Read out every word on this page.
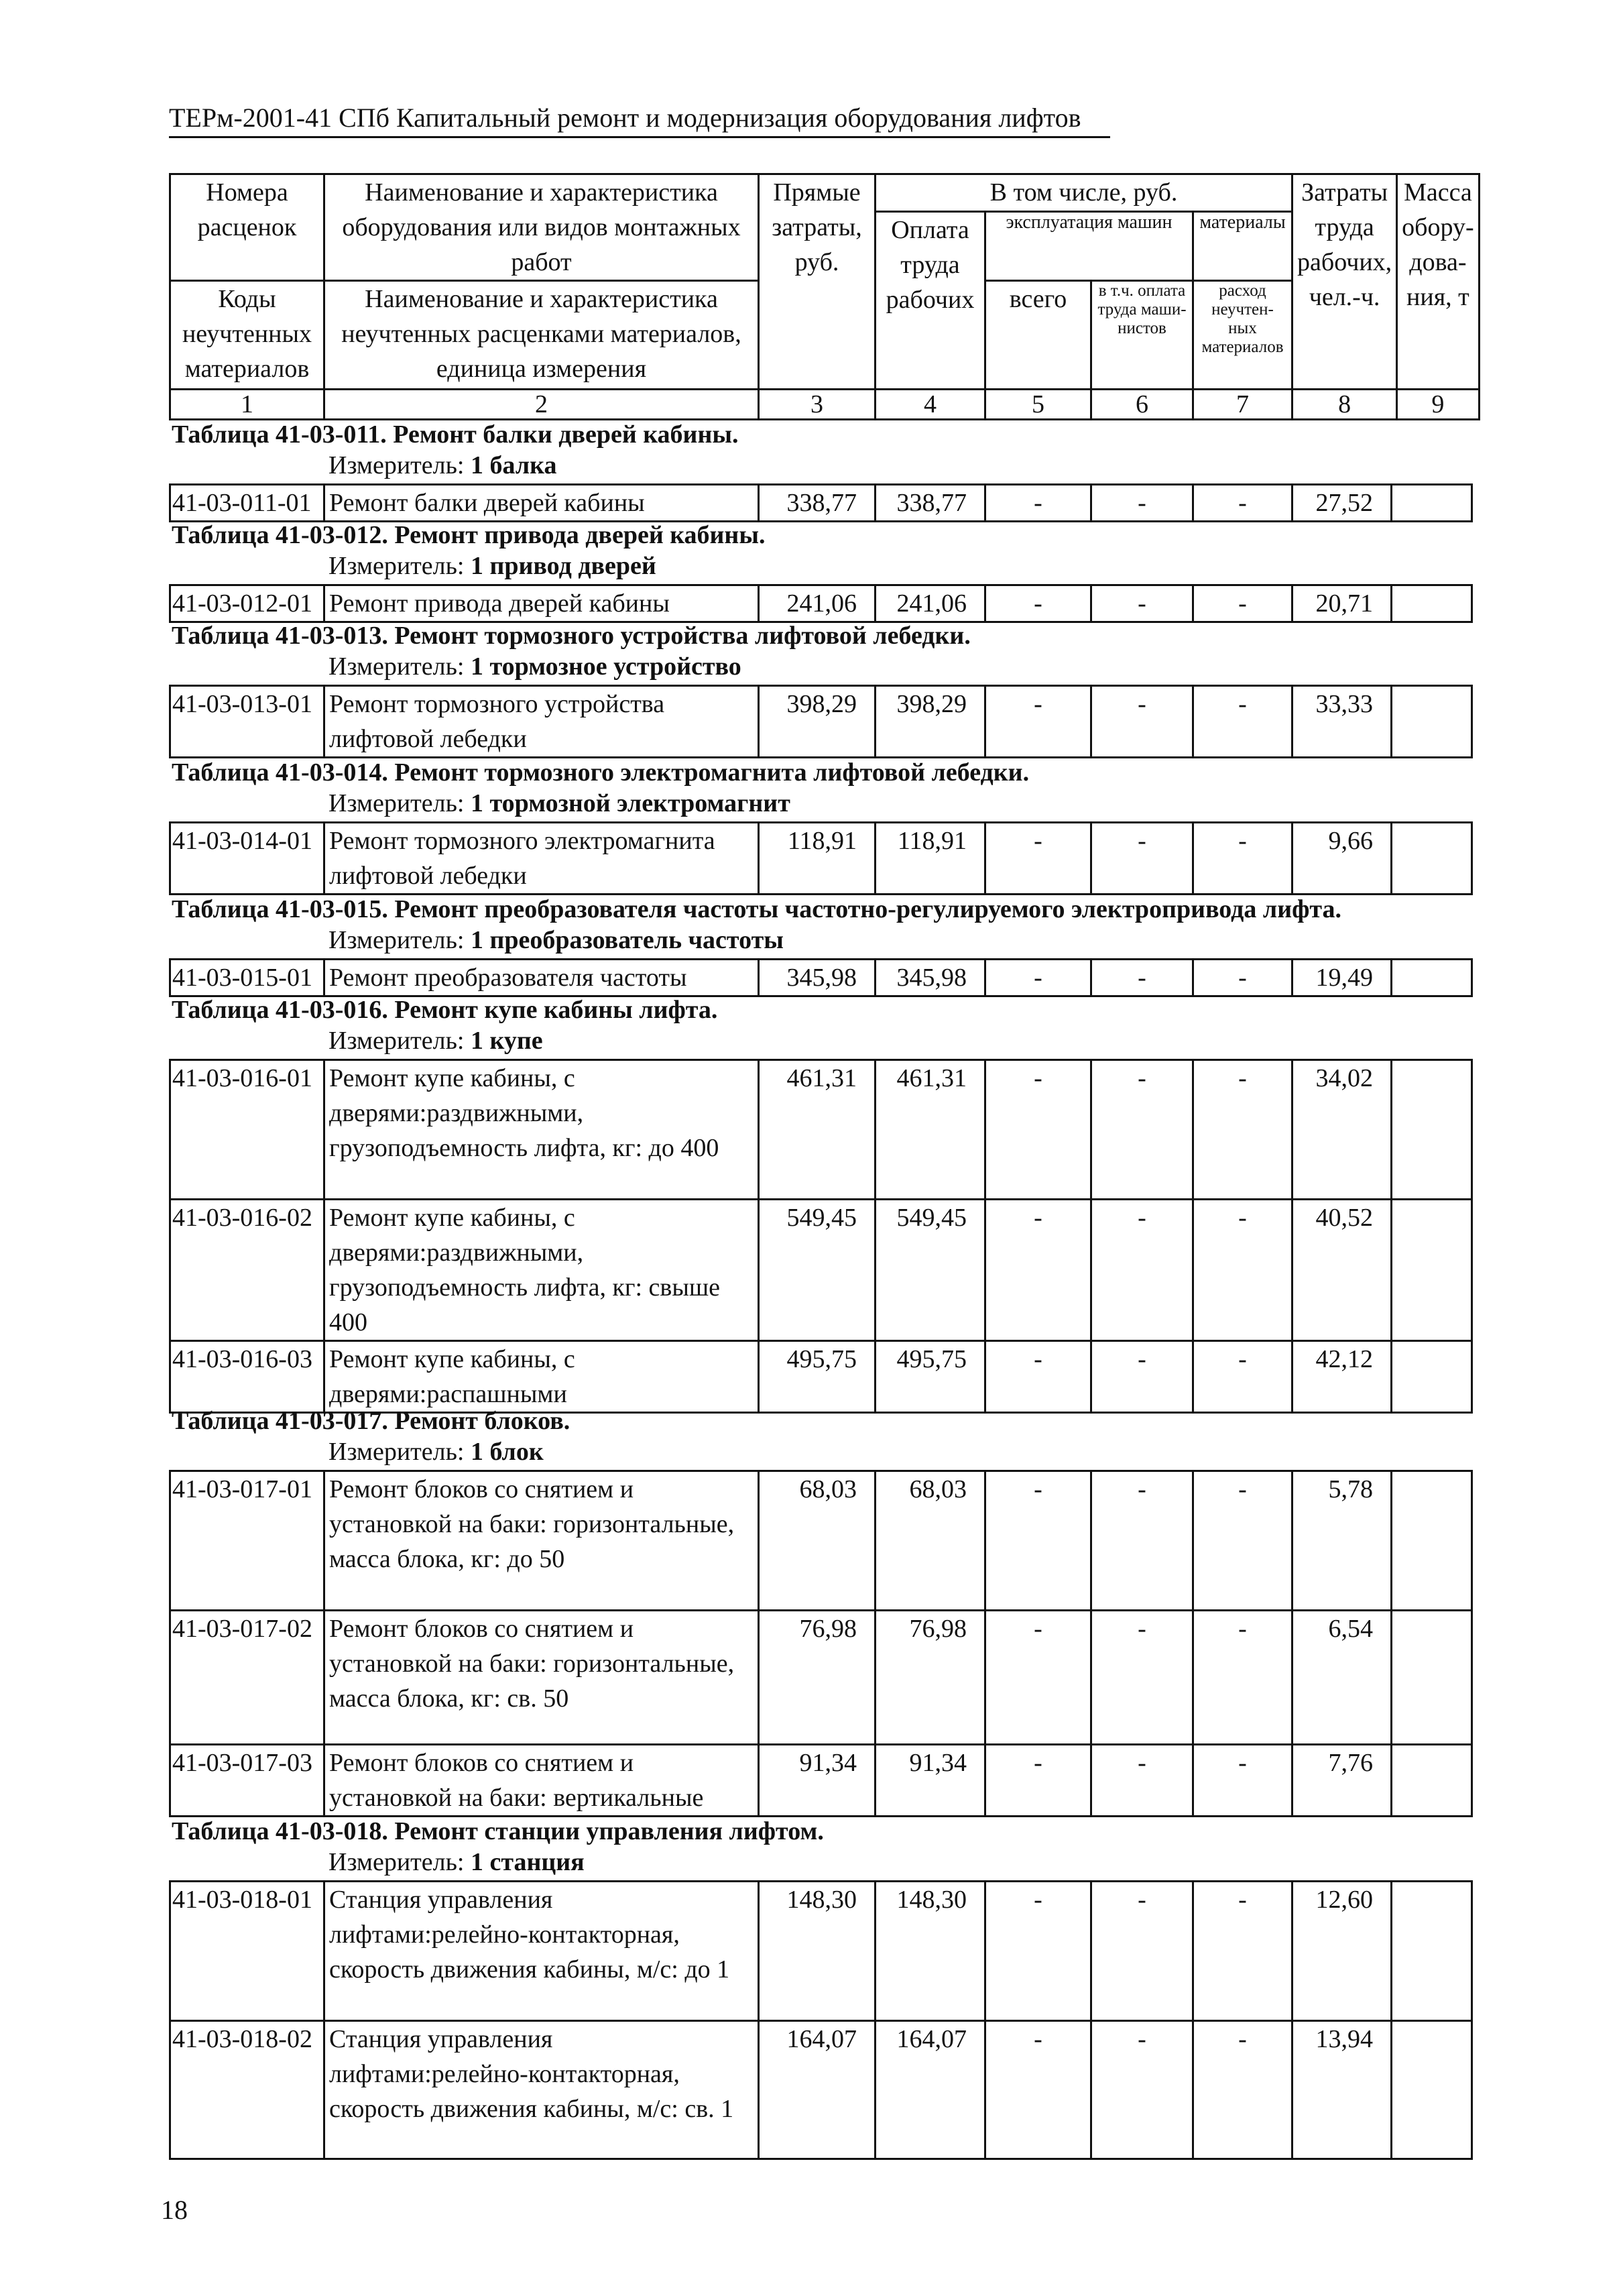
ТЕРм-2001-41 СПб Капитальный ремонт и модернизация оборудования лифтов
Номера расценок	Наименование и характеристика оборудования или видов монтажных работ	Прямые затраты, руб.	В том числе, руб.				Затраты труда рабочих, чел.-ч.	Масса обору-дова-ния, т
			Оплата труда рабочих	эксплуатация машин		материалы		
Коды неучтенных материалов	Наименование и характеристика неучтенных расценками материалов, единица измерения			всего	в т.ч. оплата труда маши-нистов	расход неучтен-ных материалов		

1	2	3	4	5	6	7	8	9
Таблица 41-03-011. Ремонт балки дверей кабины.
Измеритель: 1 балка
41-03-011-01	Ремонт балки дверей кабины	338,77	338,77	-	-	-	27,52	
Таблица 41-03-012. Ремонт привода дверей кабины.
Измеритель: 1 привод дверей
41-03-012-01	Ремонт привода дверей кабины	241,06	241,06	-	-	-	20,71	
Таблица 41-03-013. Ремонт тормозного устройства лифтовой лебедки.
Измеритель: 1 тормозное устройство
41-03-013-01	Ремонт тормозного устройства лифтовой лебедки	398,29	398,29	-	-	-	33,33	
Таблица 41-03-014. Ремонт тормозного электромагнита лифтовой лебедки.
Измеритель: 1 тормозной электромагнит
41-03-014-01	Ремонт тормозного электромагнита лифтовой лебедки	118,91	118,91	-	-	-	9,66	
Таблица 41-03-015. Ремонт преобразователя частоты частотно-регулируемого электропривода лифта.
Измеритель: 1 преобразователь частоты
41-03-015-01	Ремонт преобразователя частоты	345,98	345,98	-	-	-	19,49	
Таблица 41-03-016. Ремонт купе кабины лифта.
Измеритель: 1 купе
41-03-016-01	Ремонт купе кабины, с дверями:раздвижными, грузоподъемность лифта, кг: до 400	461,31	461,31	-	-	-	34,02	
41-03-016-02	Ремонт купе кабины, с дверями:раздвижными, грузоподъемность лифта, кг: свыше 400	549,45	549,45	-	-	-	40,52	
41-03-016-03	Ремонт купе кабины, с дверями:распашными	495,75	495,75	-	-	-	42,12	
Таблица 41-03-017. Ремонт блоков.
Измеритель: 1 блок
41-03-017-01	Ремонт блоков со снятием и установкой на баки: горизонтальные, масса блока, кг: до 50	68,03	68,03	-	-	-	5,78	
41-03-017-02	Ремонт блоков со снятием и установкой на баки: горизонтальные, масса блока, кг: св. 50	76,98	76,98	-	-	-	6,54	
41-03-017-03	Ремонт блоков со снятием и установкой на баки: вертикальные	91,34	91,34	-	-	-	7,76	
Таблица 41-03-018. Ремонт станции управления лифтом.
Измеритель: 1 станция
41-03-018-01	Станция управления лифтами:релейно-контакторная, скорость движения кабины, м/с: до 1	148,30	148,30	-	-	-	12,60	
41-03-018-02	Станция управления лифтами:релейно-контакторная, скорость движения кабины, м/с: св. 1	164,07	164,07	-	-	-	13,94	
18
